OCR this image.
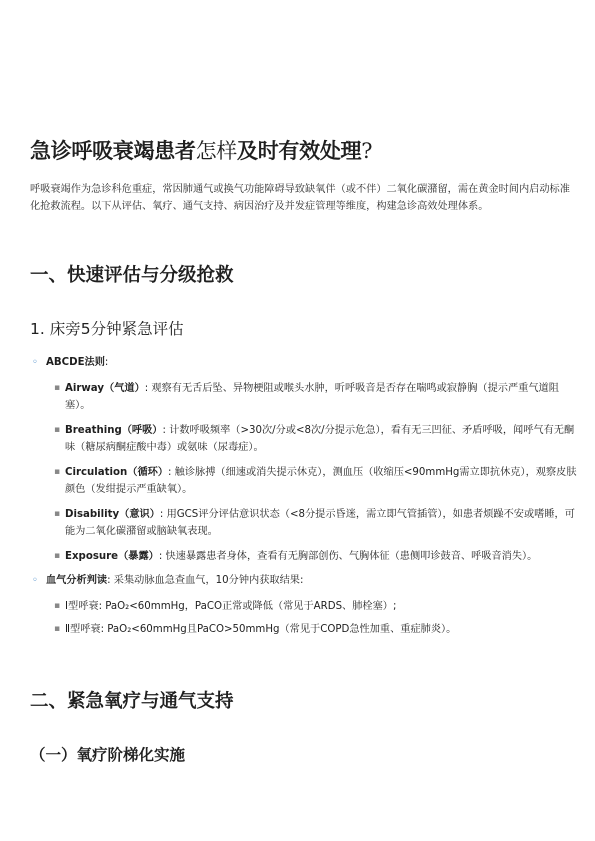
急诊呼吸衰竭患者怎样及时有效处理?
呼吸衰竭作为急诊科危重症，常因肺通气或换气功能障碍导致缺氧伴（或不伴）二氧化碳潴留，需在黄金时间内启动标准化抢救流程。以下从评估、氧疗、通气支持、病因治疗及并发症管理等维度，构建急诊高效处理体系。
一、快速评估与分级抢救
1. 床旁5分钟紧急评估
◦ ABCDE法则:
▪ Airway（气道）: 观察有无舌后坠、异物梗阻或喉头水肿，听呼吸音是否存在喘鸣或寂静胸（提示严重气道阻塞）。
▪ Breathing（呼吸）: 计数呼吸频率（>30次/分或<8次/分提示危急），看有无三凹征、矛盾呼吸，闻呼气有无酮味（糖尿病酮症酸中毒）或氨味（尿毒症）。
▪ Circulation（循环）: 触诊脉搏（细速或消失提示休克），测血压（收缩压<90mmHg需立即抗休克），观察皮肤颜色（发绀提示严重缺氧）。
▪ Disability（意识）: 用GCS评分评估意识状态（<8分提示昏迷，需立即气管插管），如患者烦躁不安或嗜睡，可能为二氧化碳潴留或脑缺氧表现。
▪ Exposure（暴露）: 快速暴露患者身体，查看有无胸部创伤、气胸体征（患侧叩诊鼓音、呼吸音消失）。
◦ 血气分析判读: 采集动脉血急查血气，10分钟内获取结果:
▪ Ⅰ型呼衰: PaO₂<60mmHg，PaCO正常或降低（常见于ARDS、肺栓塞）;
▪ Ⅱ型呼衰: PaO₂<60mmHg且PaCO>50mmHg（常见于COPD急性加重、重症肺炎）。
二、紧急氧疗与通气支持
（一）氧疗阶梯化实施
